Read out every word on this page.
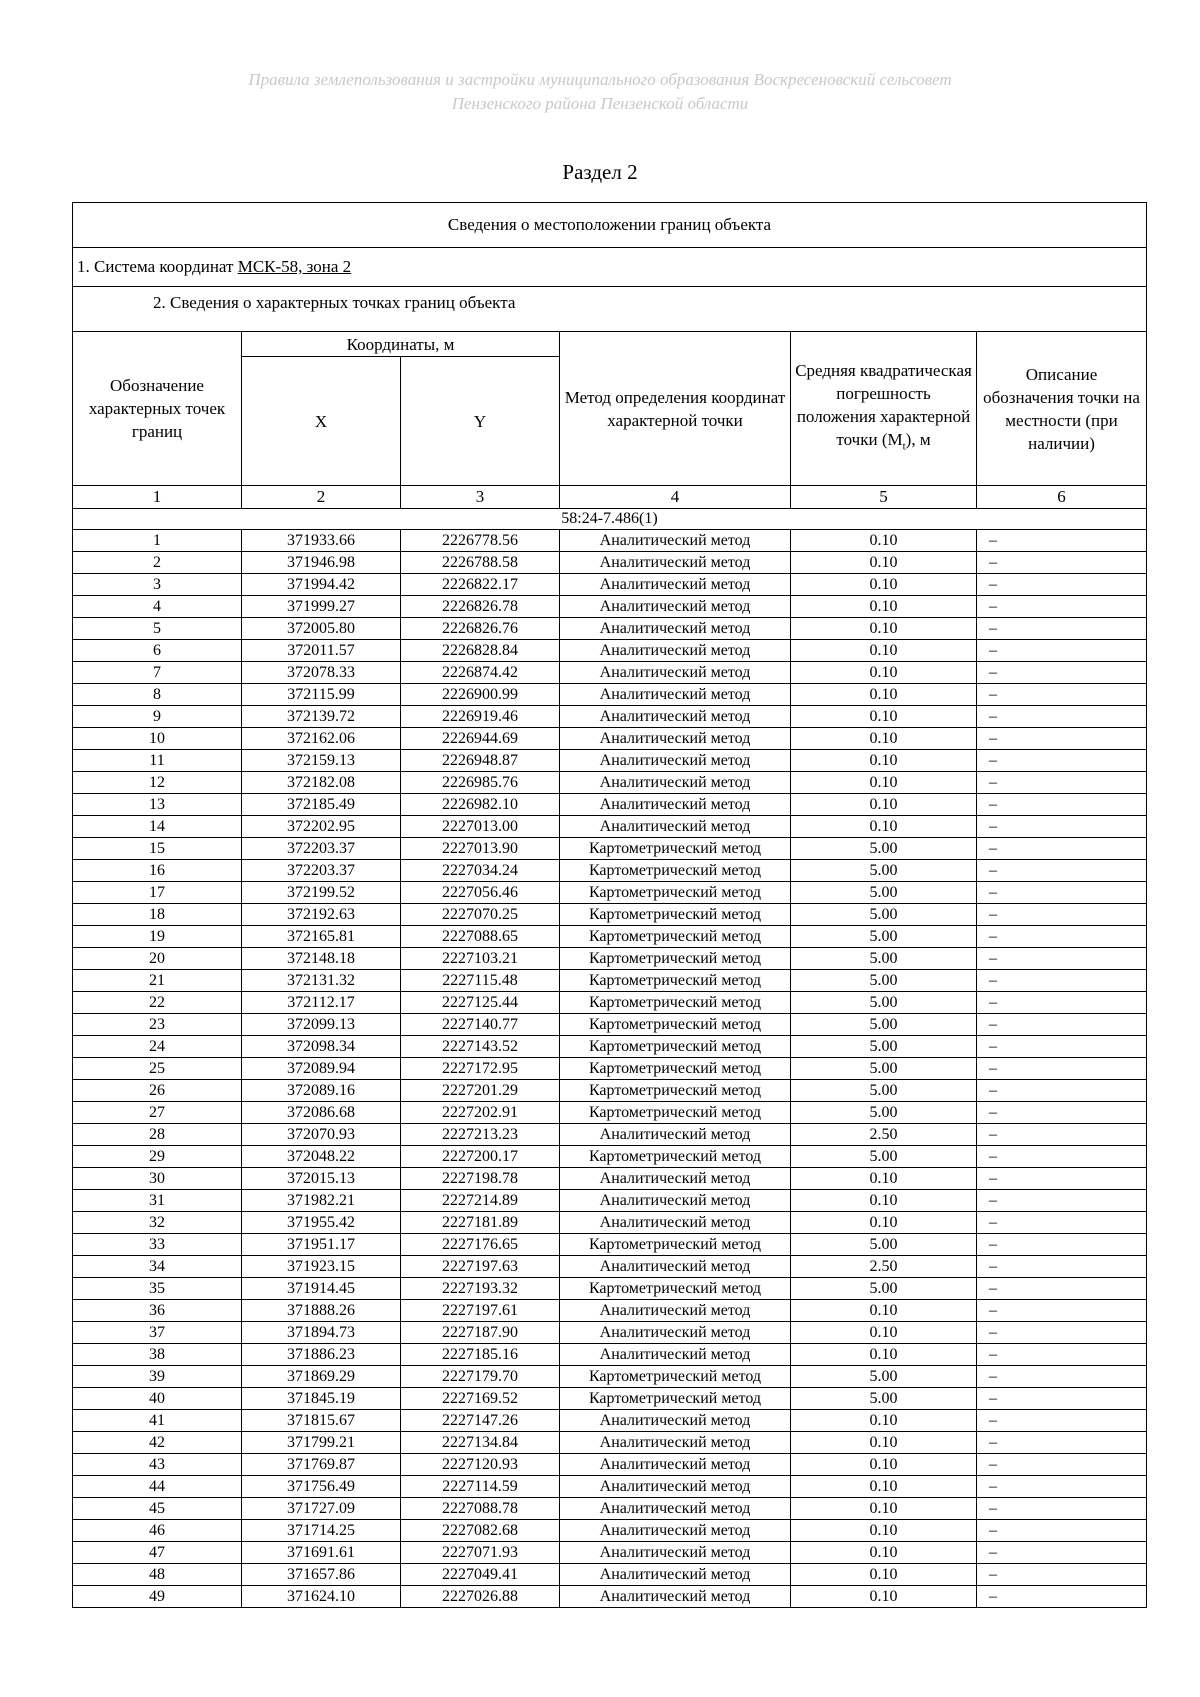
Правила землепользования и застройки муниципального образования Воскресеновский сельсовет
Пензенского района Пензенской области
Раздел 2
Сведения о местоположении границ объекта					
1. Система координат МСК-58, зона 2					
2. Сведения о характерных точках границ объекта					
Обозначение характерных точек границ	Координаты, м		Метод определения координат характерной точки	Средняя квадратическая погрешность положения характерной точки $(M_t)$, м	Описание обозначения точки на местности (при наличии)
	X	Y			
1	2	3	4	5	6
58:24-7.486(1)					
1	371933.66	2226778.56	Аналитический метод	0.10	–
2	371946.98	2226788.58	Аналитический метод	0.10	–
3	371994.42	2226822.17	Аналитический метод	0.10	–
4	371999.27	2226826.78	Аналитический метод	0.10	–
5	372005.80	2226826.76	Аналитический метод	0.10	–
6	372011.57	2226828.84	Аналитический метод	0.10	–
7	372078.33	2226874.42	Аналитический метод	0.10	–
8	372115.99	2226900.99	Аналитический метод	0.10	–
9	372139.72	2226919.46	Аналитический метод	0.10	–
10	372162.06	2226944.69	Аналитический метод	0.10	–
11	372159.13	2226948.87	Аналитический метод	0.10	–
12	372182.08	2226985.76	Аналитический метод	0.10	–
13	372185.49	2226982.10	Аналитический метод	0.10	–
14	372202.95	2227013.00	Аналитический метод	0.10	–
15	372203.37	2227013.90	Картометрический метод	5.00	–
16	372203.37	2227034.24	Картометрический метод	5.00	–
17	372199.52	2227056.46	Картометрический метод	5.00	–
18	372192.63	2227070.25	Картометрический метод	5.00	–
19	372165.81	2227088.65	Картометрический метод	5.00	–
20	372148.18	2227103.21	Картометрический метод	5.00	–
21	372131.32	2227115.48	Картометрический метод	5.00	–
22	372112.17	2227125.44	Картометрический метод	5.00	–
23	372099.13	2227140.77	Картометрический метод	5.00	–
24	372098.34	2227143.52	Картометрический метод	5.00	–
25	372089.94	2227172.95	Картометрический метод	5.00	–
26	372089.16	2227201.29	Картометрический метод	5.00	–
27	372086.68	2227202.91	Картометрический метод	5.00	–
28	372070.93	2227213.23	Аналитический метод	2.50	–
29	372048.22	2227200.17	Картометрический метод	5.00	–
30	372015.13	2227198.78	Аналитический метод	0.10	–
31	371982.21	2227214.89	Аналитический метод	0.10	–
32	371955.42	2227181.89	Аналитический метод	0.10	–
33	371951.17	2227176.65	Картометрический метод	5.00	–
34	371923.15	2227197.63	Аналитический метод	2.50	–
35	371914.45	2227193.32	Картометрический метод	5.00	–
36	371888.26	2227197.61	Аналитический метод	0.10	–
37	371894.73	2227187.90	Аналитический метод	0.10	–
38	371886.23	2227185.16	Аналитический метод	0.10	–
39	371869.29	2227179.70	Картометрический метод	5.00	–
40	371845.19	2227169.52	Картометрический метод	5.00	–
41	371815.67	2227147.26	Аналитический метод	0.10	–
42	371799.21	2227134.84	Аналитический метод	0.10	–
43	371769.87	2227120.93	Аналитический метод	0.10	–
44	371756.49	2227114.59	Аналитический метод	0.10	–
45	371727.09	2227088.78	Аналитический метод	0.10	–
46	371714.25	2227082.68	Аналитический метод	0.10	–
47	371691.61	2227071.93	Аналитический метод	0.10	–
48	371657.86	2227049.41	Аналитический метод	0.10	–
49	371624.10	2227026.88	Аналитический метод	0.10	–
